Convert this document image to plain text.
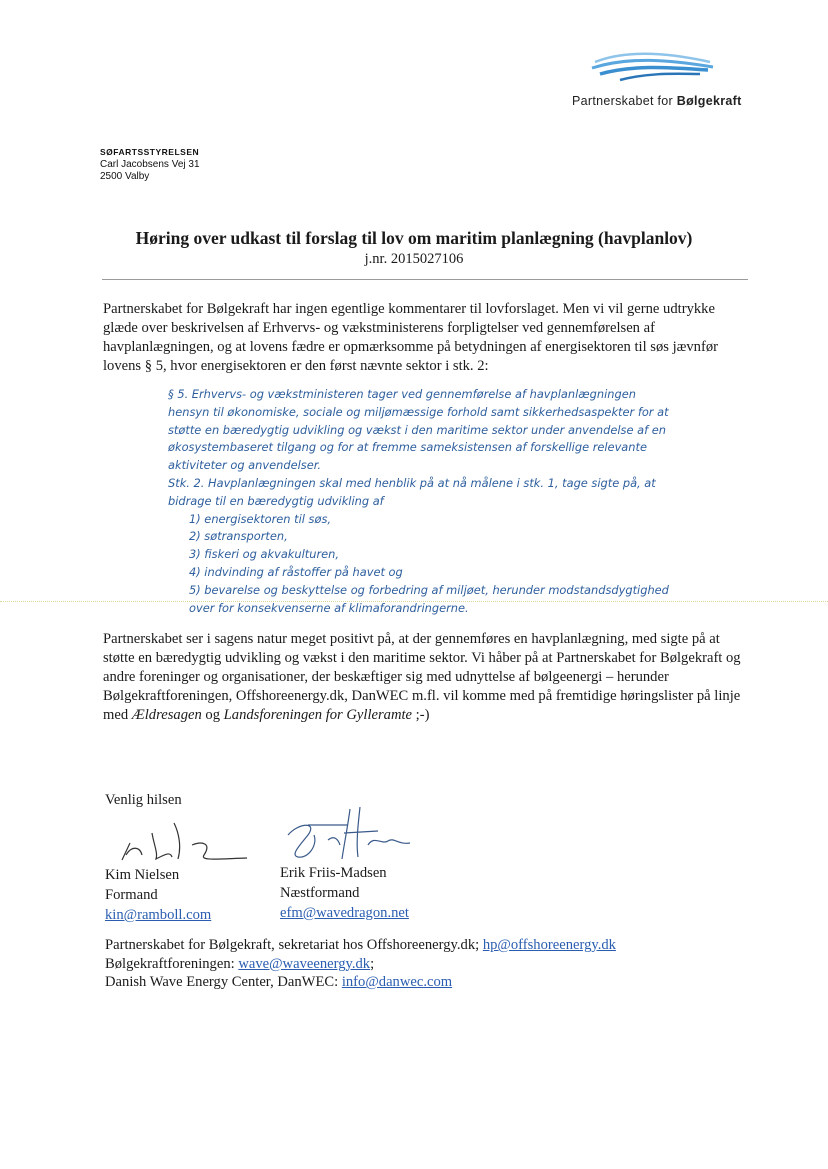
Partnerskabet for Bølgekraft
SØFARTSSTYRELSEN
Carl Jacobsens Vej 31
2500 Valby
Høring over udkast til forslag til lov om maritim planlægning (havplanlov)
j.nr. 2015027106
Partnerskabet for Bølgekraft har ingen egentlige kommentarer til lovforslaget. Men vi vil gerne udtrykke glæde over beskrivelsen af Erhvervs- og vækstministerens forpligtelser ved gennemførelsen af havplanlægningen, og at lovens fædre er opmærksomme på betydningen af energisektoren til søs jævnfør lovens § 5, hvor energisektoren er den først nævnte sektor i stk. 2:
§ 5. Erhvervs- og vækstministeren tager ved gennemførelse af havplanlægningen
hensyn til økonomiske, sociale og miljømæssige forhold samt sikkerhedsaspekter for at
støtte en bæredygtig udvikling og vækst i den maritime sektor under anvendelse af en
økosystembaseret tilgang og for at fremme sameksistensen af forskellige relevante
aktiviteter og anvendelser.
Stk. 2. Havplanlægningen skal med henblik på at nå målene i stk. 1, tage sigte på, at
bidrage til en bæredygtig udvikling af
1) energisektoren til søs,
2) søtransporten,
3) fiskeri og akvakulturen,
4) indvinding af råstoffer på havet og
5) bevarelse og beskyttelse og forbedring af miljøet, herunder modstandsdygtighed
over for konsekvenserne af klimaforandringerne.
Partnerskabet ser i sagens natur meget positivt på, at der gennemføres en havplanlægning, med sigte på at støtte en bæredygtig udvikling og vækst i den maritime sektor. Vi håber på at Partnerskabet for Bølgekraft og andre foreninger og organisationer, der beskæftiger sig med udnyttelse af bølgeenergi – herunder Bølgekraftforeningen, Offshoreenergy.dk, DanWEC m.fl. vil komme med på fremtidige høringslister på linje med Ældresagen og Landsforeningen for Gylleramte ;-)
Venlig hilsen
Kim Nielsen
Formand
kin@ramboll.com
Erik Friis-Madsen
Næstformand
efm@wavedragon.net
Partnerskabet for Bølgekraft, sekretariat hos Offshoreenergy.dk; hp@offshoreenergy.dk
Bølgekraftforeningen: wave@waveenergy.dk;
Danish Wave Energy Center, DanWEC: info@danwec.com
